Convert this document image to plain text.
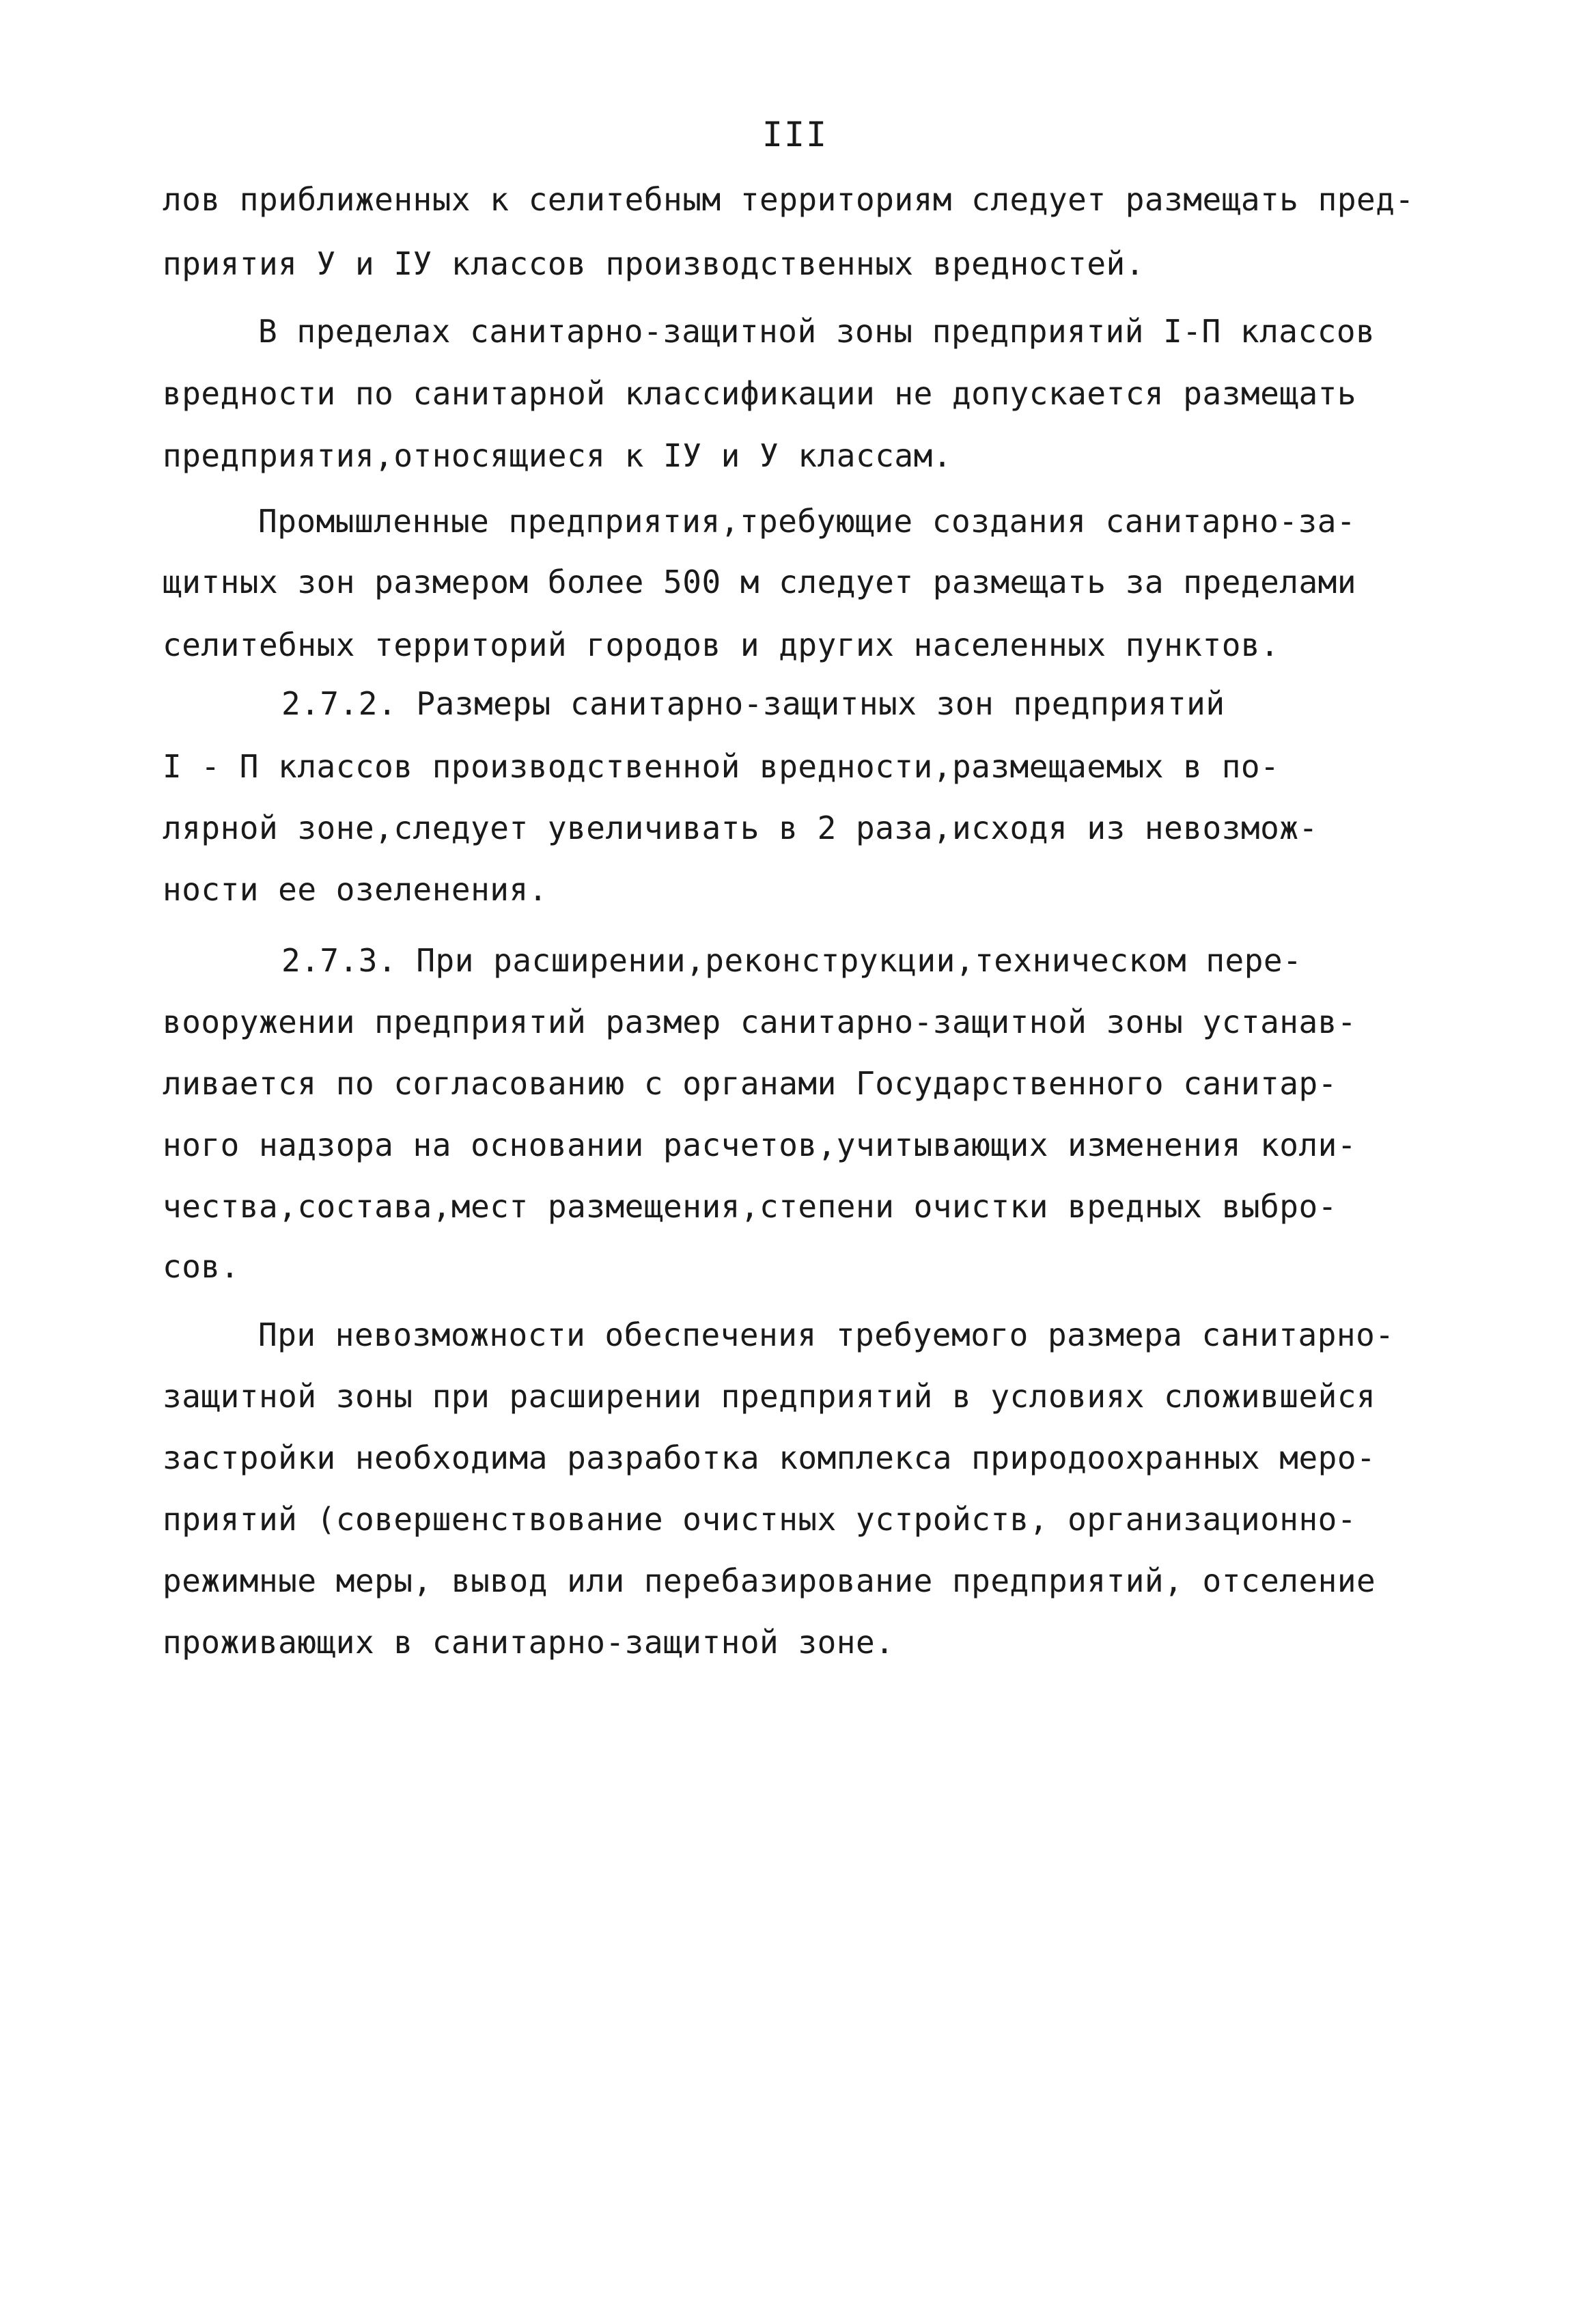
III
лов приближенных к селитебным территориям следует размещать пред-
приятия У и IУ классов производственных вредностей.
В пределах санитарно-защитной зоны предприятий I-П классов
вредности по санитарной классификации не допускается размещать
предприятия,относящиеся к IУ и У классам.
Промышленные предприятия,требующие создания санитарно-за-
щитных зон размером более 500 м следует размещать за пределами
селитебных территорий городов и других населенных пунктов.
2.7.2. Размеры санитарно-защитных зон предприятий
I - П классов производственной вредности,размещаемых в по-
лярной зоне,следует увеличивать в 2 раза,исходя из невозмож-
ности ее озеленения.
2.7.3. При расширении,реконструкции,техническом пере-
вооружении предприятий размер санитарно-защитной зоны устанав-
ливается по согласованию с органами Государственного санитар-
ного надзора на основании расчетов,учитывающих изменения коли-
чества,состава,мест размещения,степени очистки вредных выбро-
сов.
При невозможности обеспечения требуемого размера санитарно-
защитной зоны при расширении предприятий в условиях сложившейся
застройки необходима разработка комплекса природоохранных меро-
приятий (совершенствование очистных устройств, организационно-
режимные меры, вывод или перебазирование предприятий, отселение
проживающих в санитарно-защитной зоне.
